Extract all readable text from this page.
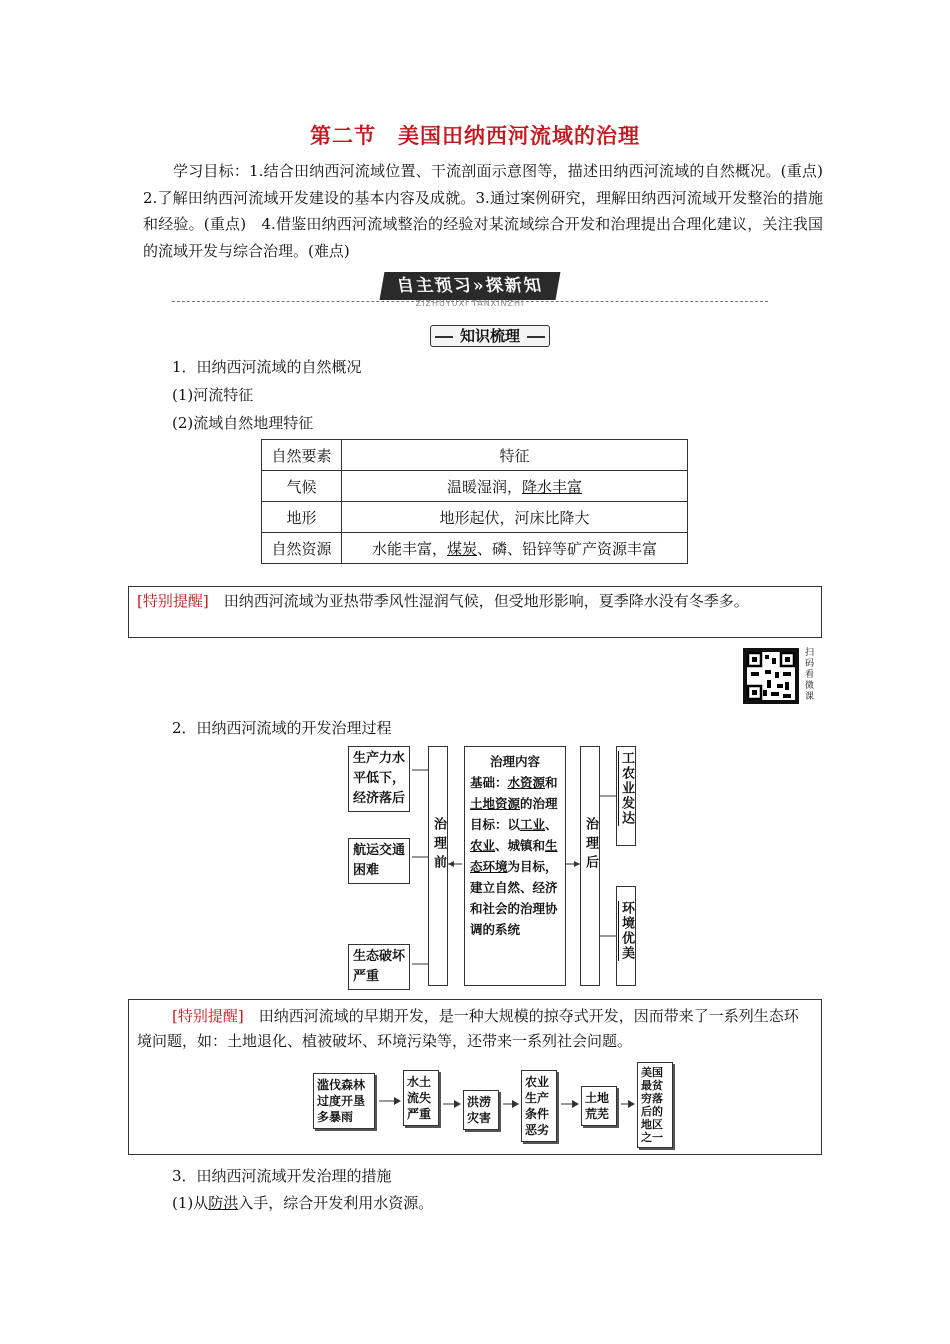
第二节　美国田纳西河流域的治理
学习目标：1.结合田纳西河流域位置、干流剖面示意图等，描述田纳西河流域的自然概况。(重点)　2.了解田纳西河流域开发建设的基本内容及成就。3.通过案例研究，理解田纳西河流域开发整治的措施和经验。(重点)　4.借鉴田纳西河流域整治的经验对某流域综合开发和治理提出合理化建议，关注我国的流域开发与综合治理。(难点)
自主预习»探新知
ZIZHUYUXI TANXINZHI
知识梳理
1．田纳西河流域的自然概况
(1)河流特征
(2)流域自然地理特征
自然要素	特征
气候	温暖湿润，降水丰富
地形	地形起伏，河床比降大
自然资源	水能丰富，煤炭、磷、铅锌等矿产资源丰富
[特别提醒]　田纳西河流域为亚热带季风性湿润气候，但受地形影响，夏季降水没有冬季多。
扫码看微课
2．田纳西河流域的开发治理过程
生产力水平低下，经济落后
航运交通困难
生态破坏严重
治理前
治理内容
基础：水资源和土地资源的治理
目标：以工业、农业、城镇和生态环境为目标，建立自然、经济和社会的治理协调的系统
治理后
工农业发达
环境优美
[特别提醒]　田纳西河流域的早期开发，是一种大规模的掠夺式开发，因而带来了一系列生态环境问题，如：土地退化、植被破坏、环境污染等，还带来一系列社会问题。
滥伐森林过度开垦多暴雨
水土流失严重
洪涝灾害
农业生产条件恶劣
土地荒芜
美国最贫穷落后的地区之一
3．田纳西河流域开发治理的措施
(1)从防洪入手，综合开发利用水资源。
